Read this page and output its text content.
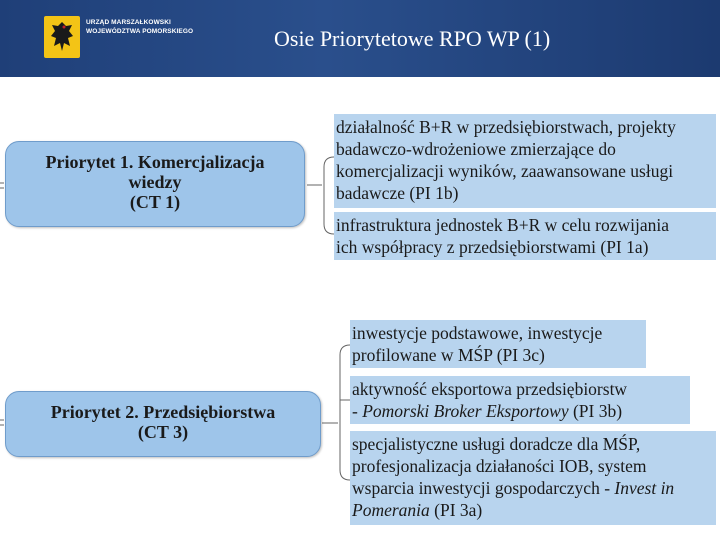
URZĄD MARSZAŁKOWSKI
WOJEWÓDZTWA POMORSKIEGO	Osie Priorytetowe RPO WP (1)
Priorytet 1. Komercjalizacja
wiedzy
(CT 1)
działalność B+R w przedsiębiorstwach, projekty
badawczo-wdrożeniowe zmierzające do
komercjalizacji wyników, zaawansowane usługi
badawcze (PI 1b)
infrastruktura jednostek B+R w celu rozwijania
ich współpracy z przedsiębiorstwami (PI 1a)
Priorytet 2. Przedsiębiorstwa
(CT 3)
inwestycje podstawowe, inwestycje
profilowane w MŚP (PI 3c)
aktywność eksportowa przedsiębiorstw
- Pomorski Broker Eksportowy (PI 3b)
specjalistyczne usługi doradcze dla MŚP,
profesjonalizacja działaności IOB, system
wsparcia inwestycji gospodarczych - Invest in
Pomerania (PI 3a)
